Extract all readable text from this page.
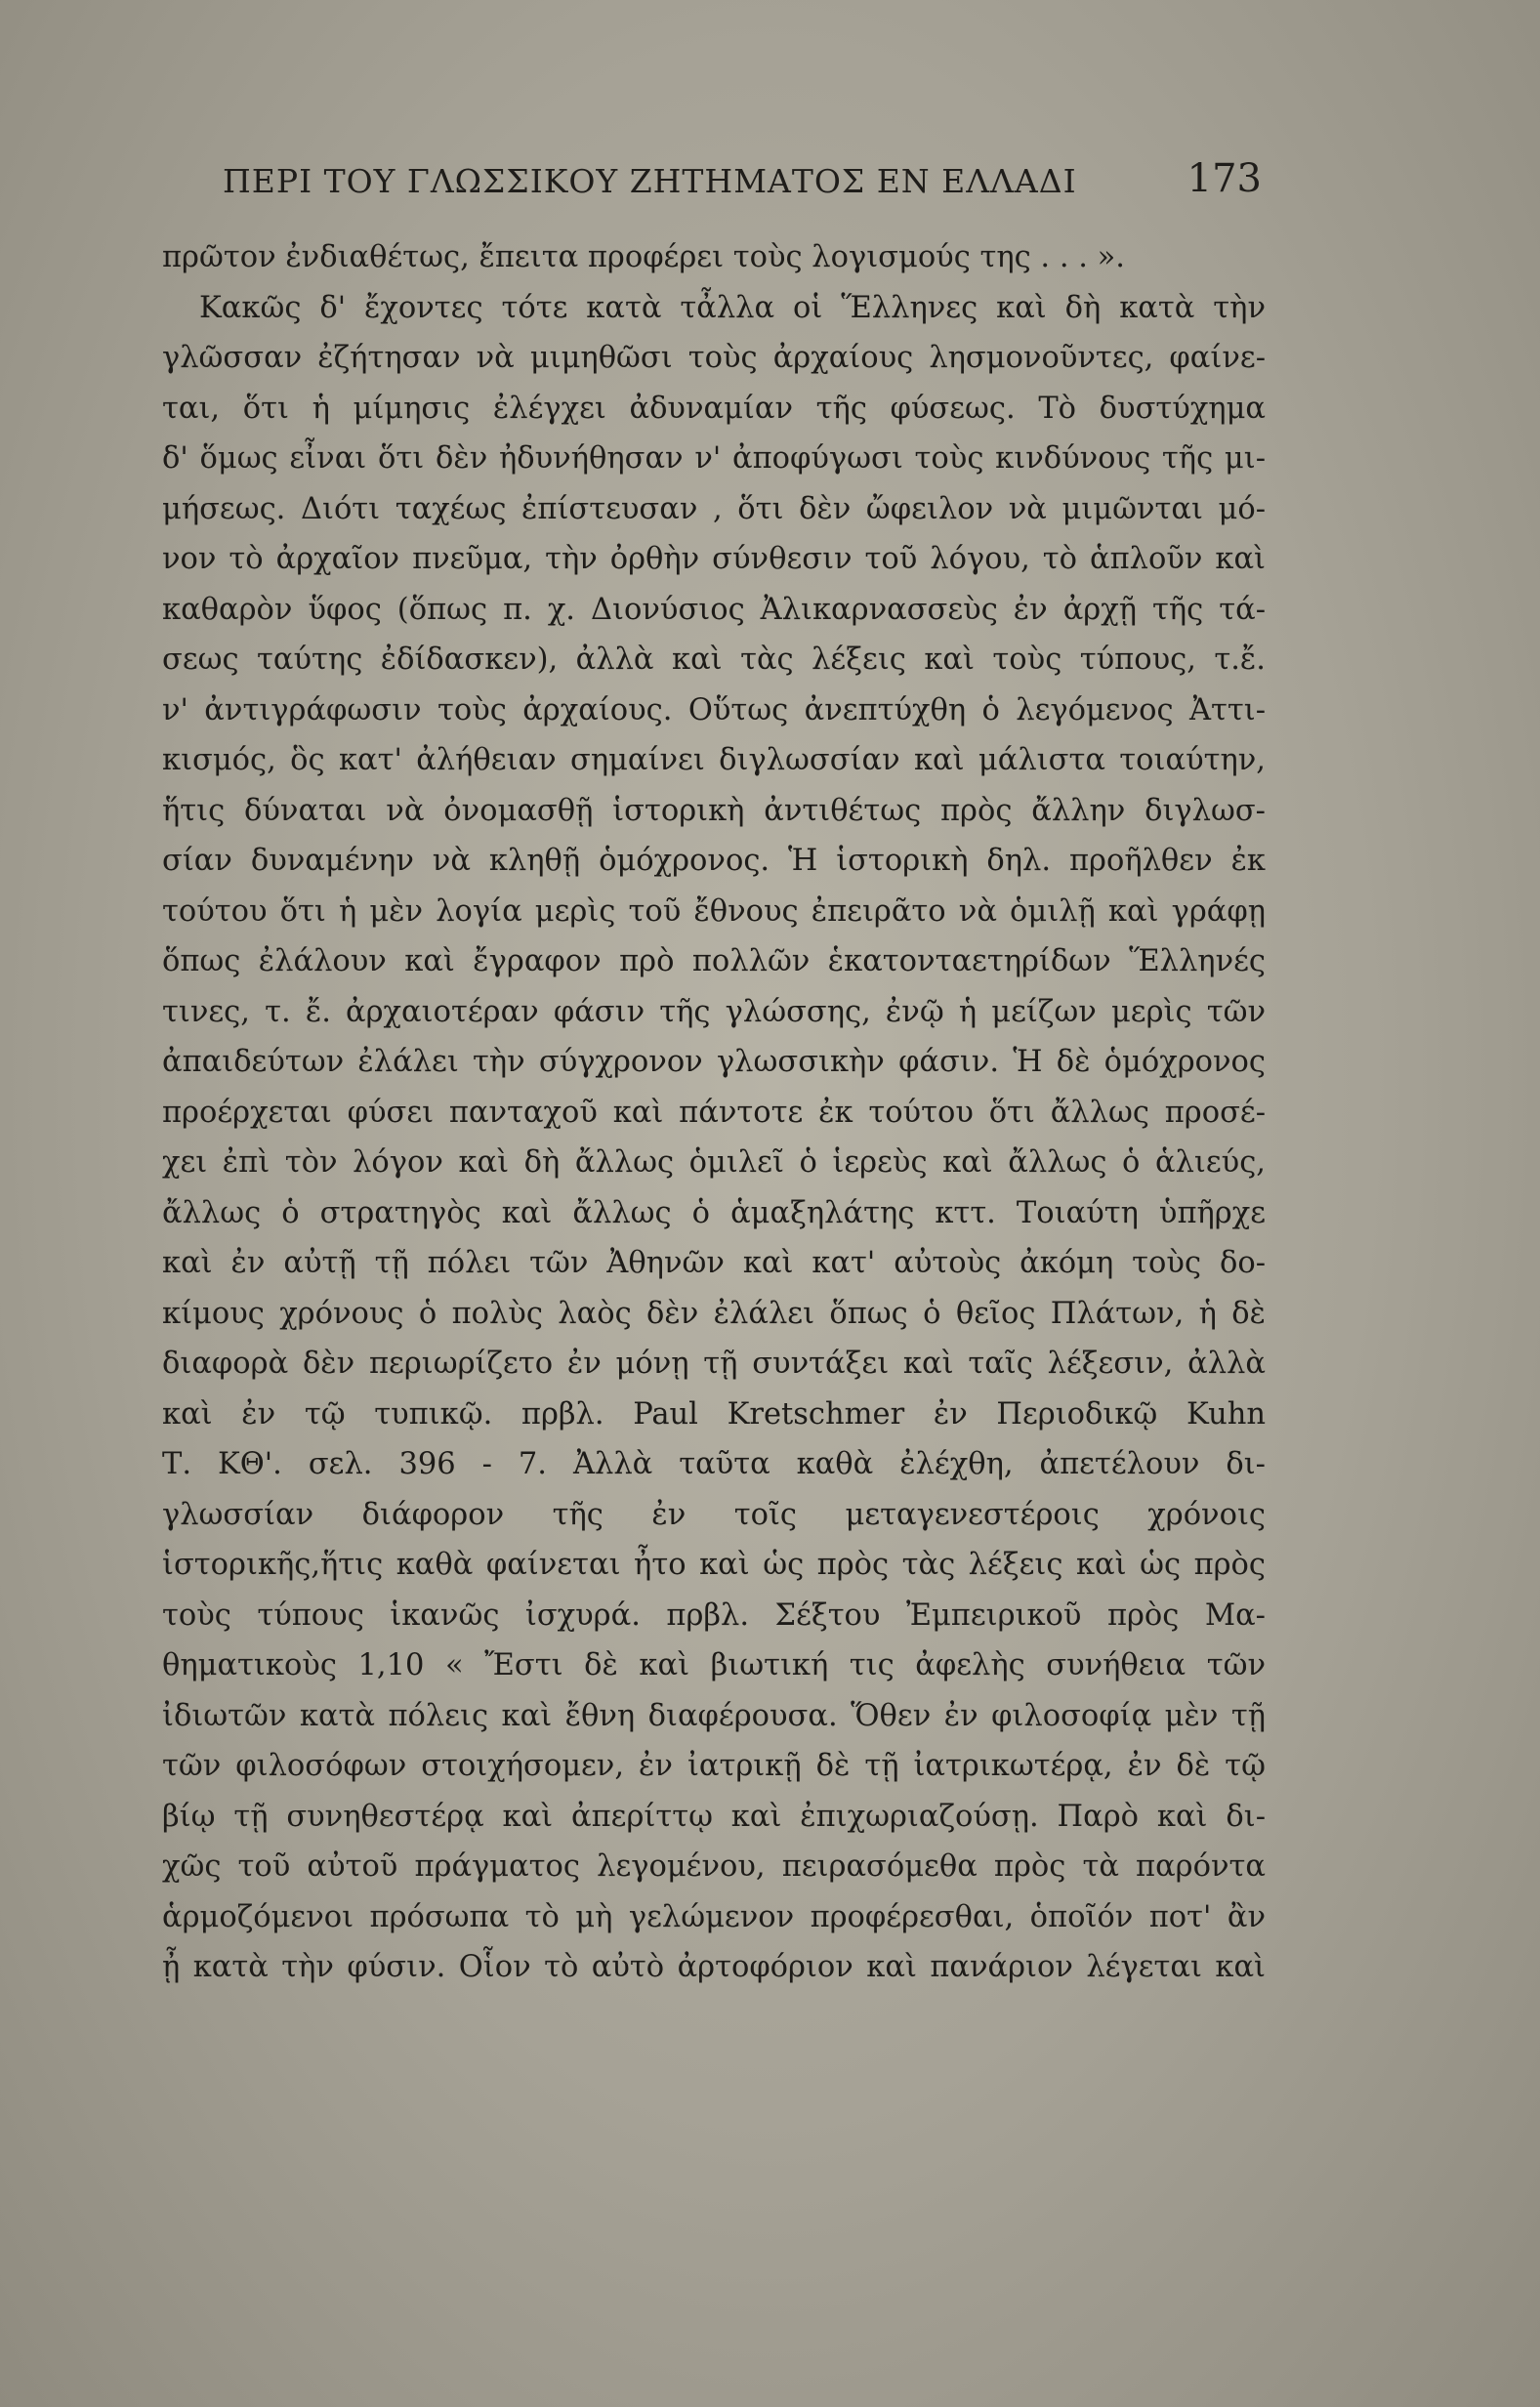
ΠΕΡΙ ΤΟΥ ΓΛΩΣΣΙΚΟΥ ΖΗΤΗΜΑΤΟΣ ΕΝ ΕΛΛΑΔΙ	173
πρῶτον ἐνδιαθέτως, ἔπειτα προφέρει τοὺς λογισμούς της . . . ».
Κακῶς δ' ἔχοντες τότε κατὰ τἆλλα οἱ Ἕλληνες καὶ δὴ κατὰ τὴν
γλῶσσαν ἐζήτησαν νὰ μιμηθῶσι τοὺς ἀρχαίους λησμονοῦντες, φαίνε-
ται, ὅτι ἡ μίμησις ἐλέγχει ἀδυναμίαν τῆς φύσεως. Τὸ δυστύχημα
δ' ὅμως εἶναι ὅτι δὲν ἠδυνήθησαν ν' ἀποφύγωσι τοὺς κινδύνους τῆς μι-
μήσεως. Διότι ταχέως ἐπίστευσαν , ὅτι δὲν ὤφειλον νὰ μιμῶνται μό-
νον τὸ ἀρχαῖον πνεῦμα, τὴν ὀρθὴν σύνθεσιν τοῦ λόγου, τὸ ἁπλοῦν καὶ
καθαρὸν ὕφος (ὅπως π. χ. Διονύσιος Ἀλικαρνασσεὺς ἐν ἀρχῇ τῆς τά-
σεως ταύτης ἐδίδασκεν), ἀλλὰ καὶ τὰς λέξεις καὶ τοὺς τύπους, τ.ἔ.
ν' ἀντιγράφωσιν τοὺς ἀρχαίους. Οὕτως ἀνεπτύχθη ὁ λεγόμενος Ἀττι-
κισμός, ὃς κατ' ἀλήθειαν σημαίνει διγλωσσίαν καὶ μάλιστα τοιαύτην,
ἥτις δύναται νὰ ὀνομασθῇ ἱστορικὴ ἀντιθέτως πρὸς ἄλλην διγλωσ-
σίαν δυναμένην νὰ κληθῇ ὁμόχρονος. Ἡ ἱστορικὴ δηλ. προῆλθεν ἐκ
τούτου ὅτι ἡ μὲν λογία μερὶς τοῦ ἔθνους ἐπειρᾶτο νὰ ὁμιλῇ καὶ γράφῃ
ὅπως ἐλάλουν καὶ ἔγραφον πρὸ πολλῶν ἑκατονταετηρίδων Ἕλληνές
τινες, τ. ἔ. ἀρχαιοτέραν φάσιν τῆς γλώσσης, ἐνῷ ἡ μείζων μερὶς τῶν
ἀπαιδεύτων ἐλάλει τὴν σύγχρονον γλωσσικὴν φάσιν. Ἡ δὲ ὁμόχρονος
προέρχεται φύσει πανταχοῦ καὶ πάντοτε ἐκ τούτου ὅτι ἄλλως προσέ-
χει ἐπὶ τὸν λόγον καὶ δὴ ἄλλως ὁμιλεῖ ὁ ἱερεὺς καὶ ἄλλως ὁ ἁλιεύς,
ἄλλως ὁ στρατηγὸς καὶ ἄλλως ὁ ἁμαξηλάτης κττ. Τοιαύτη ὑπῆρχε
καὶ ἐν αὐτῇ τῇ πόλει τῶν Ἀθηνῶν καὶ κατ' αὐτοὺς ἀκόμη τοὺς δο-
κίμους χρόνους ὁ πολὺς λαὸς δὲν ἐλάλει ὅπως ὁ θεῖος Πλάτων, ἡ δὲ
διαφορὰ δὲν περιωρίζετο ἐν μόνῃ τῇ συντάξει καὶ ταῖς λέξεσιν, ἀλλὰ
καὶ ἐν τῷ τυπικῷ. πρβλ. Paul Kretschmer ἐν Περιοδικῷ Kuhn
Τ. ΚΘ'. σελ. 396 - 7. Ἀλλὰ ταῦτα καθὰ ἐλέχθη, ἀπετέλουν δι-
γλωσσίαν διάφορον τῆς ἐν τοῖς μεταγενεστέροις χρόνοις
ἱστορικῆς,ἥτις καθὰ φαίνεται ἦτο καὶ ὡς πρὸς τὰς λέξεις καὶ ὡς πρὸς
τοὺς τύπους ἱκανῶς ἰσχυρά. πρβλ. Σέξτου Ἐμπειρικοῦ πρὸς Μα-
θηματικοὺς 1,10 « Ἔστι δὲ καὶ βιωτική τις ἀφελὴς συνήθεια τῶν
ἰδιωτῶν κατὰ πόλεις καὶ ἔθνη διαφέρουσα. Ὅθεν ἐν φιλοσοφίᾳ μὲν τῇ
τῶν φιλοσόφων στοιχήσομεν, ἐν ἰατρικῇ δὲ τῇ ἰατρικωτέρᾳ, ἐν δὲ τῷ
βίῳ τῇ συνηθεστέρᾳ καὶ ἀπερίττῳ καὶ ἐπιχωριαζούσῃ. Παρὸ καὶ δι-
χῶς τοῦ αὐτοῦ πράγματος λεγομένου, πειρασόμεθα πρὸς τὰ παρόντα
ἁρμοζόμενοι πρόσωπα τὸ μὴ γελώμενον προφέρεσθαι, ὁποῖόν ποτ' ἂν
ᾖ κατὰ τὴν φύσιν. Οἷον τὸ αὐτὸ ἀρτοφόριον καὶ πανάριον λέγεται καὶ
